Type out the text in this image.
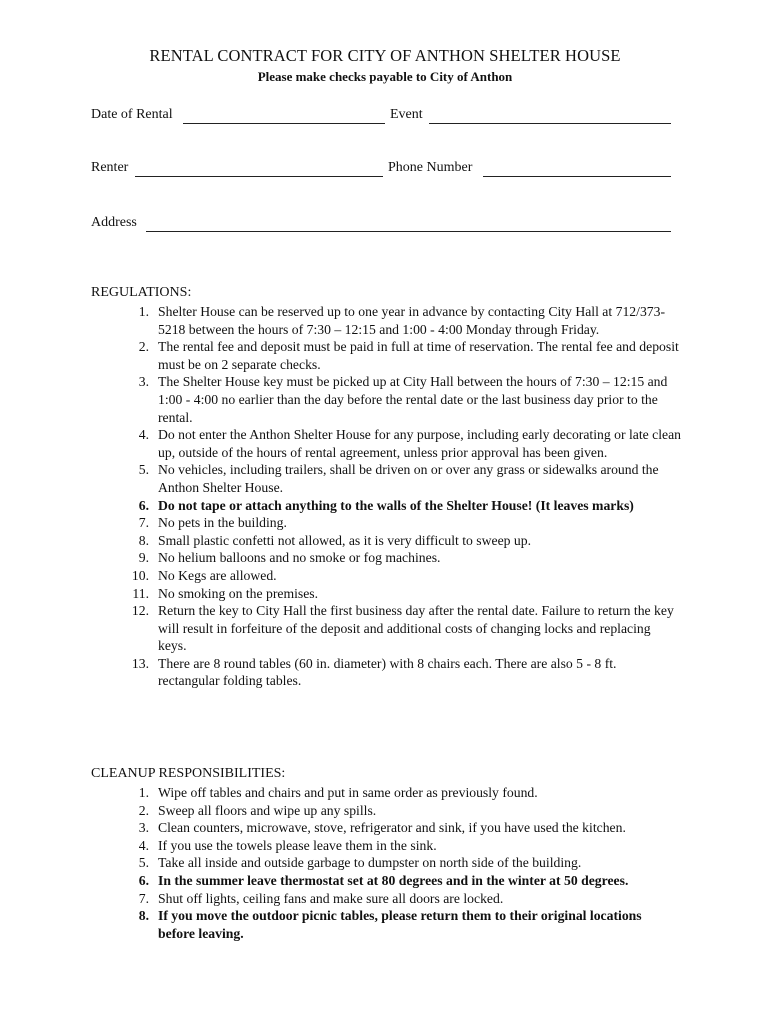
RENTAL CONTRACT FOR CITY OF ANTHON SHELTER HOUSE
Please make checks payable to City of Anthon
Date of Rental	Event
Renter	Phone Number
Address
REGULATIONS:
1. Shelter House can be reserved up to one year in advance by contacting City Hall at 712/373-5218 between the hours of 7:30 – 12:15 and 1:00 - 4:00 Monday through Friday.
2. The rental fee and deposit must be paid in full at time of reservation. The rental fee and deposit must be on 2 separate checks.
3. The Shelter House key must be picked up at City Hall between the hours of 7:30 – 12:15 and 1:00 - 4:00 no earlier than the day before the rental date or the last business day prior to the rental.
4. Do not enter the Anthon Shelter House for any purpose, including early decorating or late clean up, outside of the hours of rental agreement, unless prior approval has been given.
5. No vehicles, including trailers, shall be driven on or over any grass or sidewalks around the Anthon Shelter House.
6. Do not tape or attach anything to the walls of the Shelter House! (It leaves marks)
7. No pets in the building.
8. Small plastic confetti not allowed, as it is very difficult to sweep up.
9. No helium balloons and no smoke or fog machines.
10. No Kegs are allowed.
11. No smoking on the premises.
12. Return the key to City Hall the first business day after the rental date. Failure to return the key will result in forfeiture of the deposit and additional costs of changing locks and replacing keys.
13. There are 8 round tables (60 in. diameter) with 8 chairs each. There are also 5 - 8 ft. rectangular folding tables.
CLEANUP RESPONSIBILITIES:
1. Wipe off tables and chairs and put in same order as previously found.
2. Sweep all floors and wipe up any spills.
3. Clean counters, microwave, stove, refrigerator and sink, if you have used the kitchen.
4. If you use the towels please leave them in the sink.
5. Take all inside and outside garbage to dumpster on north side of the building.
6. In the summer leave thermostat set at 80 degrees and in the winter at 50 degrees.
7. Shut off lights, ceiling fans and make sure all doors are locked.
8. If you move the outdoor picnic tables, please return them to their original locations before leaving.
